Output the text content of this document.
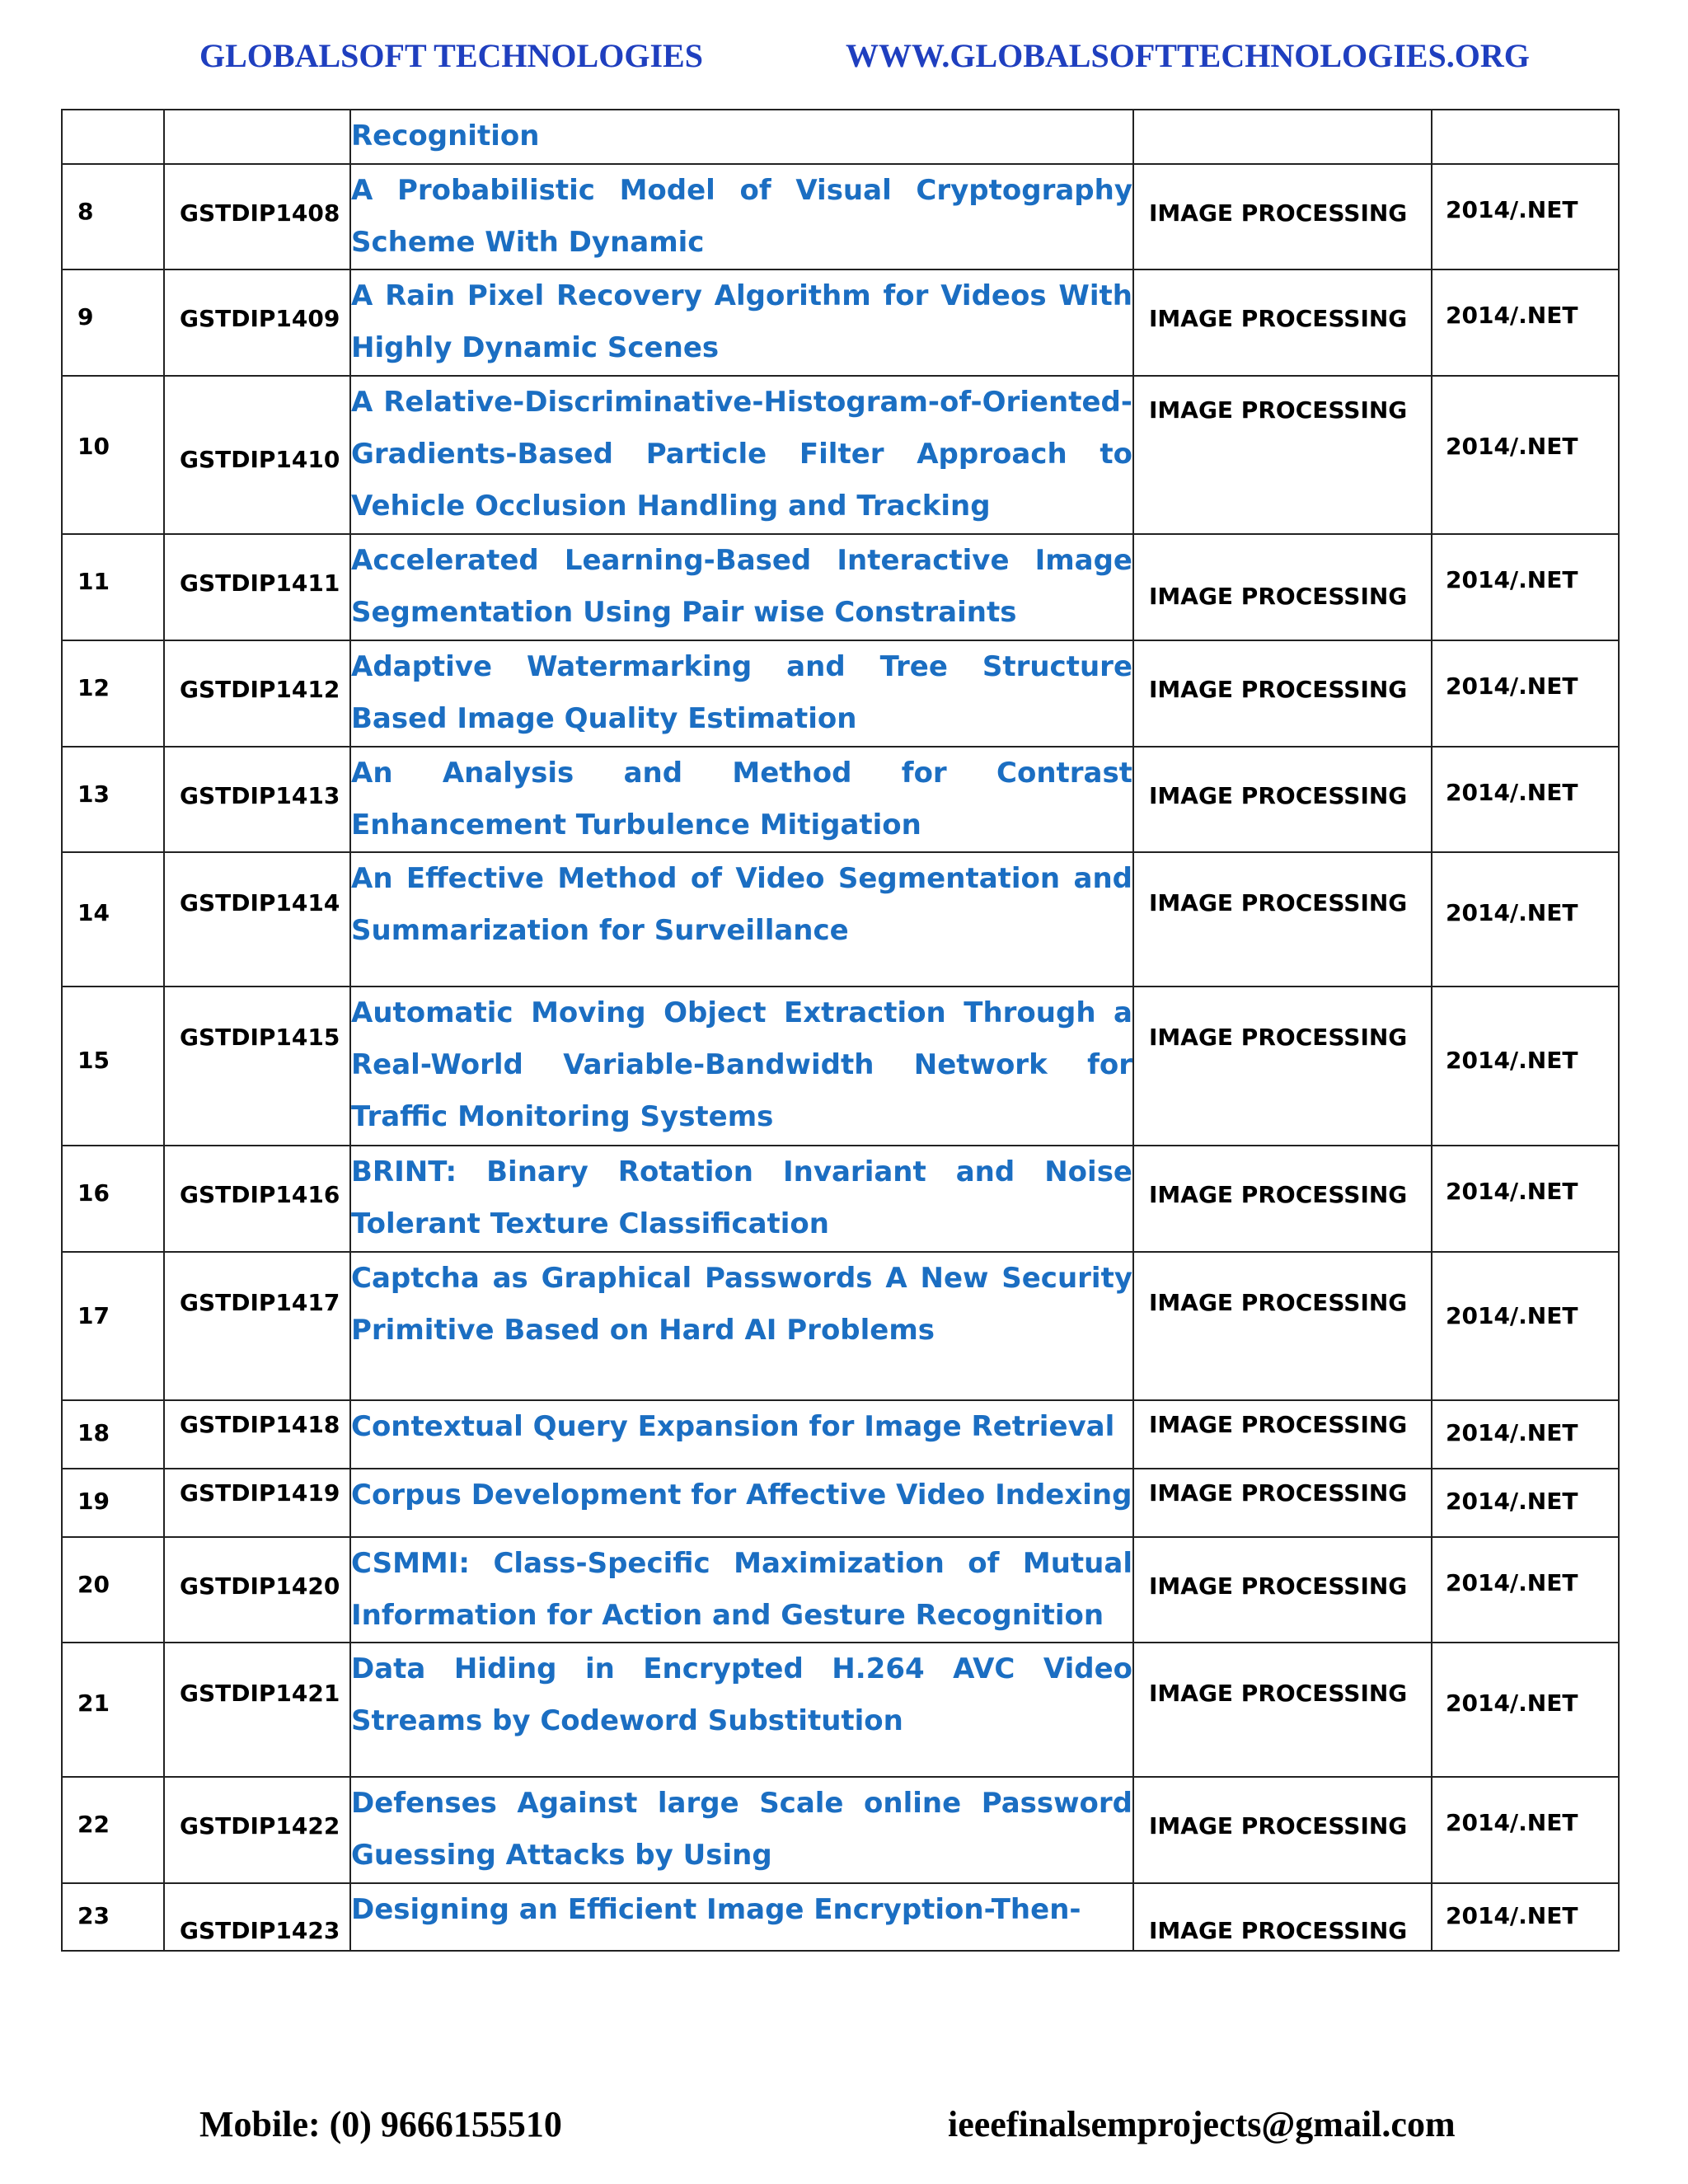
GLOBALSOFT TECHNOLOGIES	WWW.GLOBALSOFTTECHNOLOGIES.ORG

		Recognition		

8	GSTDIP1408	A Probabilistic Model of Visual Cryptography Scheme With Dynamic	IMAGE PROCESSING	2014/.NET

9	GSTDIP1409	A Rain Pixel Recovery Algorithm for Videos With Highly Dynamic Scenes	IMAGE PROCESSING	2014/.NET

10	GSTDIP1410	A Relative-Discriminative-Histogram-of-Oriented-Gradients-Based Particle Filter Approach to Vehicle Occlusion Handling and Tracking	IMAGE PROCESSING	2014/.NET

11	GSTDIP1411	Accelerated Learning-Based Interactive Image Segmentation Using Pair wise Constraints	IMAGE PROCESSING	2014/.NET

12	GSTDIP1412	Adaptive Watermarking and Tree Structure Based Image Quality Estimation	IMAGE PROCESSING	2014/.NET

13	GSTDIP1413	An Analysis and Method for Contrast Enhancement Turbulence Mitigation	IMAGE PROCESSING	2014/.NET

14	GSTDIP1414	An Effective Method of Video Segmentation and Summarization for Surveillance	IMAGE PROCESSING	2014/.NET

15	GSTDIP1415	Automatic Moving Object Extraction Through a Real-World Variable-Bandwidth Network for Traffic Monitoring Systems	IMAGE PROCESSING	2014/.NET

16	GSTDIP1416	BRINT: Binary Rotation Invariant and Noise Tolerant Texture Classification	IMAGE PROCESSING	2014/.NET

17	GSTDIP1417	Captcha as Graphical Passwords A New Security Primitive Based on Hard AI Problems	IMAGE PROCESSING	2014/.NET

18	GSTDIP1418	Contextual Query Expansion for Image Retrieval	IMAGE PROCESSING	2014/.NET

19	GSTDIP1419	Corpus Development for Affective Video Indexing	IMAGE PROCESSING	2014/.NET

20	GSTDIP1420	CSMMI: Class-Specific Maximization of Mutual Information for Action and Gesture Recognition	IMAGE PROCESSING	2014/.NET

21	GSTDIP1421	Data Hiding in Encrypted H.264 AVC Video Streams by Codeword Substitution	IMAGE PROCESSING	2014/.NET

22	GSTDIP1422	Defenses Against large Scale online Password Guessing Attacks by Using	IMAGE PROCESSING	2014/.NET

23	GSTDIP1423	Designing an Efficient Image Encryption-Then-	IMAGE PROCESSING	2014/.NET
Mobile: (0) 9666155510	ieeefinalsemprojects@gmail.com
